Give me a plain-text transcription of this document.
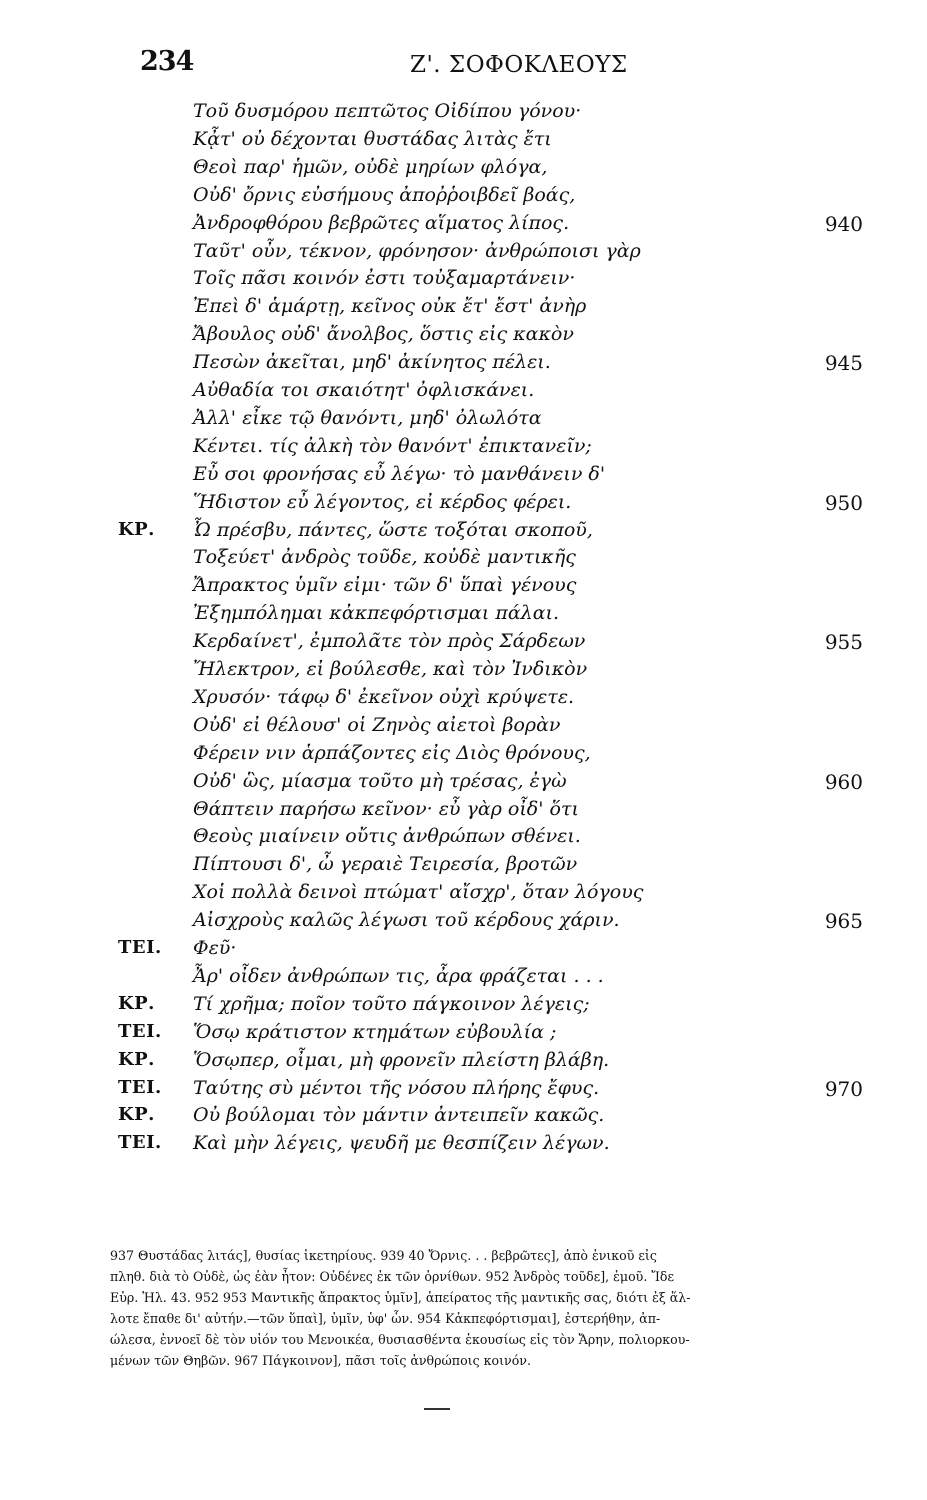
234	Ζ'. ΣΟΦΟΚΛΕΟΥΣ
Τοῦ δυσμόρου πεπτῶτος Οἰδίπου γόνου·
Κᾆτ' οὐ δέχονται θυστάδας λιτὰς ἔτι
Θεοὶ παρ' ἡμῶν, οὐδὲ μηρίων φλόγα,
Οὐδ' ὄρνις εὐσήμους ἀποῤῥοιβδεῖ βοάς,
Ἀνδροφθόρου βεβρῶτες αἵματος λίπος.	940
Ταῦτ' οὖν, τέκνον, φρόνησον· ἀνθρώποισι γὰρ
Τοῖς πᾶσι κοινόν ἐστι τοὐξαμαρτάνειν·
Ἐπεὶ δ' ἁμάρτῃ, κεῖνος οὐκ ἔτ' ἔστ' ἀνὴρ
Ἄβουλος οὐδ' ἄνολβος, ὅστις εἰς κακὸν
Πεσὼν ἀκεῖται, μηδ' ἀκίνητος πέλει.	945
Αὐθαδία τοι σκαιότητ' ὀφλισκάνει.
Ἀλλ' εἶκε τῷ θανόντι, μηδ' ὀλωλότα
Κέντει. τίς ἀλκὴ τὸν θανόντ' ἐπικτανεῖν;
Εὖ σοι φρονήσας εὖ λέγω· τὸ μανθάνειν δ'
Ἥδιστον εὖ λέγοντος, εἰ κέρδος φέρει.	950
ΚΡ. Ὦ πρέσβυ, πάντες, ὥστε τοξόται σκοποῦ,
Τοξεύετ' ἀνδρὸς τοῦδε, κοὐδὲ μαντικῆς
Ἄπρακτος ὑμῖν εἰμι· τῶν δ' ὕπαὶ γένους
Ἐξημπόλημαι κἀκπεφόρτισμαι πάλαι.
Κερδαίνετ', ἐμπολᾶτε τὸν πρὸς Σάρδεων	955
Ἤλεκτρον, εἰ βούλεσθε, καὶ τὸν Ἰνδικὸν
Χρυσόν· τάφῳ δ' ἐκεῖνον οὐχὶ κρύψετε.
Οὐδ' εἰ θέλουσ' οἱ Ζηνὸς αἰετοὶ βορὰν
Φέρειν νιν ἁρπάζοντες εἰς Διὸς θρόνους,
Οὐδ' ὣς, μίασμα τοῦτο μὴ τρέσας, ἐγὼ	960
Θάπτειν παρήσω κεῖνον· εὖ γὰρ οἶδ' ὅτι
Θεοὺς μιαίνειν οὔτις ἀνθρώπων σθένει.
Πίπτουσι δ', ὦ γεραιὲ Τειρεσία, βροτῶν
Χοἱ πολλὰ δεινοὶ πτώματ' αἴσχρ', ὅταν λόγους
Αἰσχροὺς καλῶς λέγωσι τοῦ κέρδους χάριν.	965
ΤΕΙ. Φεῦ·
Ἆρ' οἶδεν ἀνθρώπων τις, ἆρα φράζεται . . .
ΚΡ. Τί χρῆμα; ποῖον τοῦτο πάγκοινον λέγεις;
ΤΕΙ. Ὅσῳ κράτιστον κτημάτων εὐβουλία ;
ΚΡ. Ὅσῳπερ, οἶμαι, μὴ φρονεῖν πλείστη βλάβη.
ΤΕΙ. Ταύτης σὺ μέντοι τῆς νόσου πλήρης ἔφυς.	970
ΚΡ. Οὐ βούλομαι τὸν μάντιν ἀντειπεῖν κακῶς.
ΤΕΙ. Καὶ μὴν λέγεις, ψευδῆ με θεσπίζειν λέγων.
937 Θυστάδας λιτάς], θυσίας ἱκετηρίους. 939 40 Ὄρνις. . . βεβρῶτες], ἀπὸ ἑνικοῦ εἰς
πληθ. διὰ τὸ Οὐδὲ, ὡς ἐὰν ἦτον: Οὐδένες ἐκ τῶν ὀρνίθων. 952 Ἀνδρὸς τοῦδε], ἐμοῦ. Ἴδε
Εὐρ. Ἠλ. 43. 952 953 Μαντικῆς ἄπρακτος ὑμῖν], ἀπείρατος τῆς μαντικῆς σας, διότι ἐξ ἅλ-
λοτε ἔπαθε δι' αὐτήν.—τῶν ὕπαὶ], ὑμῖν, ὑφ' ὧν. 954 Κἀκπεφόρτισμαι], ἐστερήθην, ἀπ-
ώλεσα, ἐννοεῖ δὲ τὸν υἱόν του Μενοικέα, θυσιασθέντα ἑκουσίως εἰς τὸν Ἄρην, πολιορκου-
μένων τῶν Θηβῶν. 967 Πάγκοινον], πᾶσι τοῖς ἀνθρώποις κοινόν.
